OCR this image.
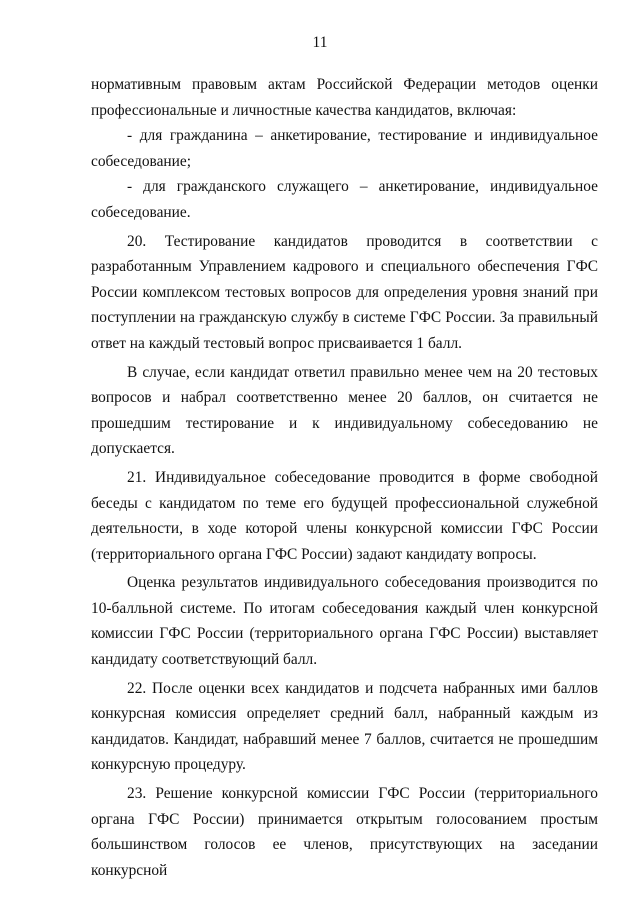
11

нормативным правовым актам Российской Федерации методов оценки профессиональные и личностные качества кандидатов, включая:

- для гражданина – анкетирование, тестирование и индивидуальное собеседование;

- для гражданского служащего – анкетирование, индивидуальное собеседование.

20. Тестирование кандидатов проводится в соответствии с разработанным Управлением кадрового и специального обеспечения ГФС России комплексом тестовых вопросов для определения уровня знаний при поступлении на гражданскую службу в системе ГФС России. За правильный ответ на каждый тестовый вопрос присваивается 1 балл.

В случае, если кандидат ответил правильно менее чем на 20 тестовых вопросов и набрал соответственно менее 20 баллов, он считается не прошедшим тестирование и к индивидуальному собеседованию не допускается.

21. Индивидуальное собеседование проводится в форме свободной беседы с кандидатом по теме его будущей профессиональной служебной деятельности, в ходе которой члены конкурсной комиссии ГФС России (территориального органа ГФС России) задают кандидату вопросы.

Оценка результатов индивидуального собеседования производится по 10-балльной системе. По итогам собеседования каждый член конкурсной комиссии ГФС России (территориального органа ГФС России) выставляет кандидату соответствующий балл.

22. После оценки всех кандидатов и подсчета набранных ими баллов конкурсная комиссия определяет средний балл, набранный каждым из кандидатов. Кандидат, набравший менее 7 баллов, считается не прошедшим конкурсную процедуру.

23. Решение конкурсной комиссии ГФС России (территориального органа ГФС России) принимается открытым голосованием простым большинством голосов ее членов, присутствующих на заседании конкурсной
